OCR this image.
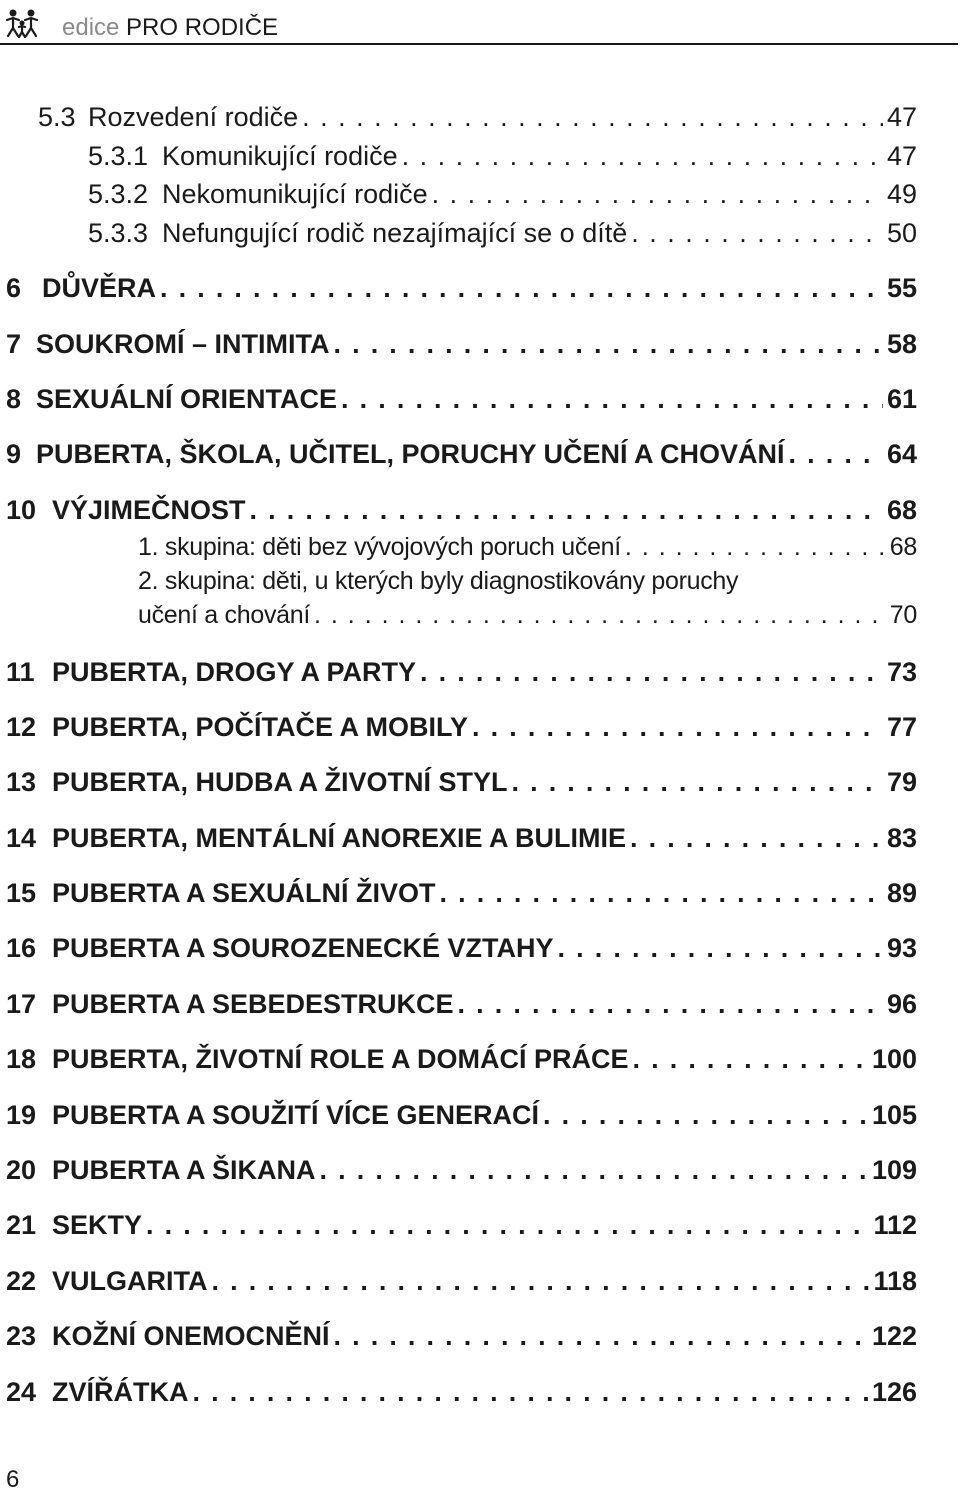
edice PRO RODIČE
5.3 Rozvedení rodiče . . .	47
5.3.1 Komunikující rodiče . . .	47
5.3.2 Nekomunikující rodiče . . .	49
5.3.3 Nefungující rodič nezajímající se o dítě . . .	50
6 DŮVĚRA . . .	55
7 SOUKROMÍ – INTIMITA . . .	58
8 SEXUÁLNÍ ORIENTACE . . .	61
9 PUBERTA, ŠKOLA, UČITEL, PORUCHY UČENÍ A CHOVÁNÍ . . .	64
10 VÝJIMEČNOST . . .	68
1. skupina: děti bez vývojových poruch učení . . .	68
2. skupina: děti, u kterých byly diagnostikovány poruchy
učení a chování . . .	70
11 PUBERTA, DROGY A PARTY . . .	73
12 PUBERTA, POČÍTAČE A MOBILY . . .	77
13 PUBERTA, HUDBA A ŽIVOTNÍ STYL . . .	79
14 PUBERTA, MENTÁLNÍ ANOREXIE A BULIMIE . . .	83
15 PUBERTA A SEXUÁLNÍ ŽIVOT . . .	89
16 PUBERTA A SOUROZENECKÉ VZTAHY . . .	93
17 PUBERTA A SEBEDESTRUKCE . . .	96
18 PUBERTA, ŽIVOTNÍ ROLE A DOMÁCÍ PRÁCE . . .	100
19 PUBERTA A SOUŽITÍ VÍCE GENERACÍ . . .	105
20 PUBERTA A ŠIKANA . . .	109
21 SEKTY . . .	112
22 VULGARITA . . .	118
23 KOŽNÍ ONEMOCNĚNÍ . . .	122
24 ZVÍŘÁTKA . . .	126
6
